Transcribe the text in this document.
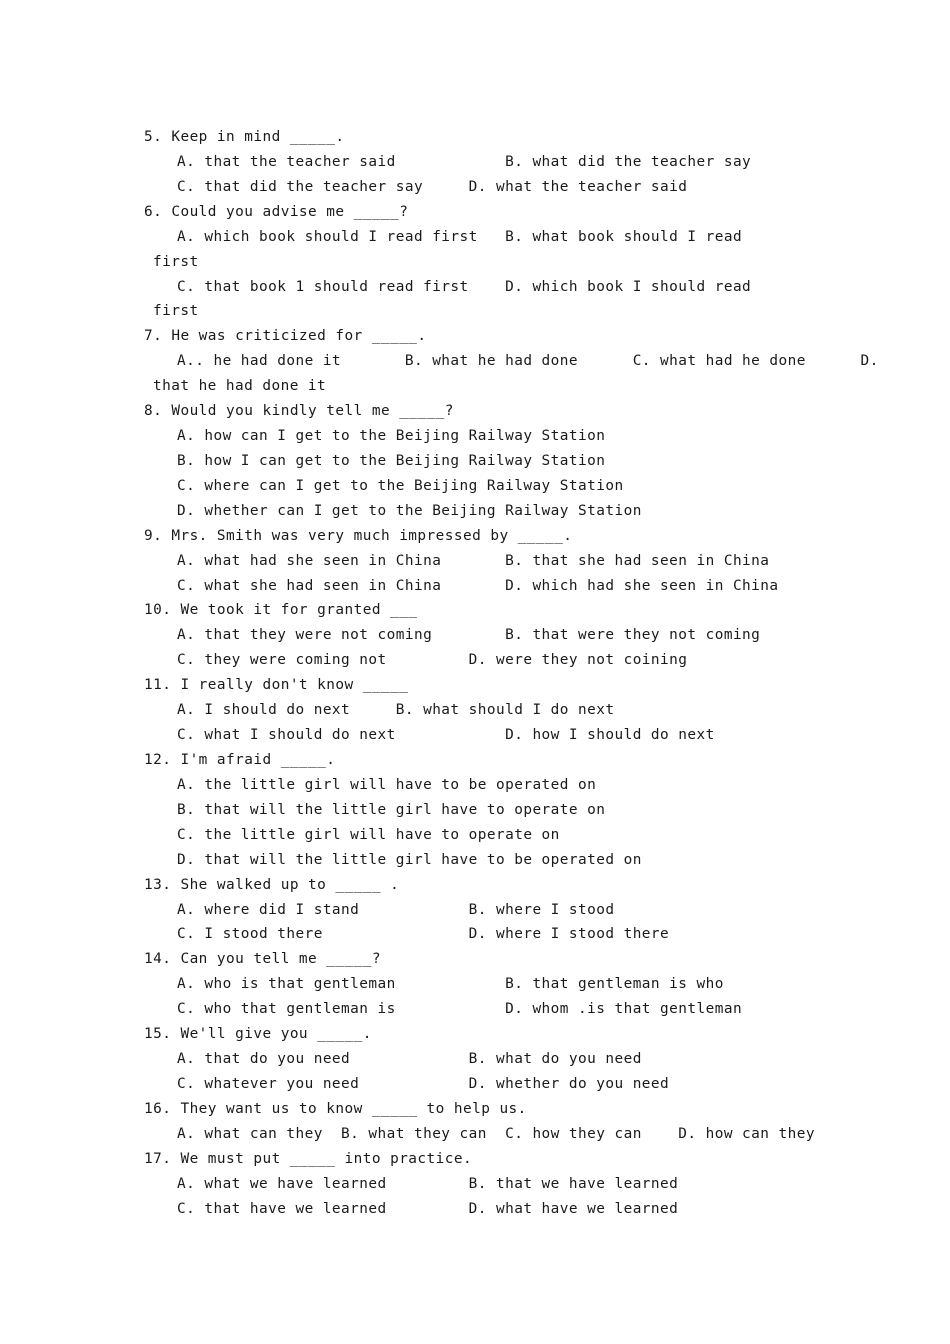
5. Keep in mind _____.
A. that the teacher said            B. what did the teacher say
C. that did the teacher say     D. what the teacher said
6. Could you advise me _____?
A. which book should I read first   B. what book should I read
first
C. that book 1 should read first    D. which book I should read
first
7. He was criticized for _____.
A.. he had done it       B. what he had done      C. what had he done      D.
that he had done it
8. Would you kindly tell me _____?
A. how can I get to the Beijing Railway Station
B. how I can get to the Beijing Railway Station
C. where can I get to the Beijing Railway Station
D. whether can I get to the Beijing Railway Station
9. Mrs. Smith was very much impressed by _____.
A. what had she seen in China       B. that she had seen in China
C. what she had seen in China       D. which had she seen in China
10. We took it for granted ___
A. that they were not coming        B. that were they not coming
C. they were coming not         D. were they not coining
11. I really don't know _____
A. I should do next     B. what should I do next
C. what I should do next            D. how I should do next
12. I'm afraid _____.
A. the little girl will have to be operated on
B. that will the little girl have to operate on
C. the little girl will have to operate on
D. that will the little girl have to be operated on
13. She walked up to _____ .
A. where did I stand            B. where I stood
C. I stood there                D. where I stood there
14. Can you tell me _____?
A. who is that gentleman            B. that gentleman is who
C. who that gentleman is            D. whom .is that gentleman
15. We'll give you _____.
A. that do you need             B. what do you need
C. whatever you need            D. whether do you need
16. They want us to know _____ to help us.
A. what can they  B. what they can  C. how they can    D. how can they
17. We must put _____ into practice.
A. what we have learned         B. that we have learned
C. that have we learned         D. what have we learned
